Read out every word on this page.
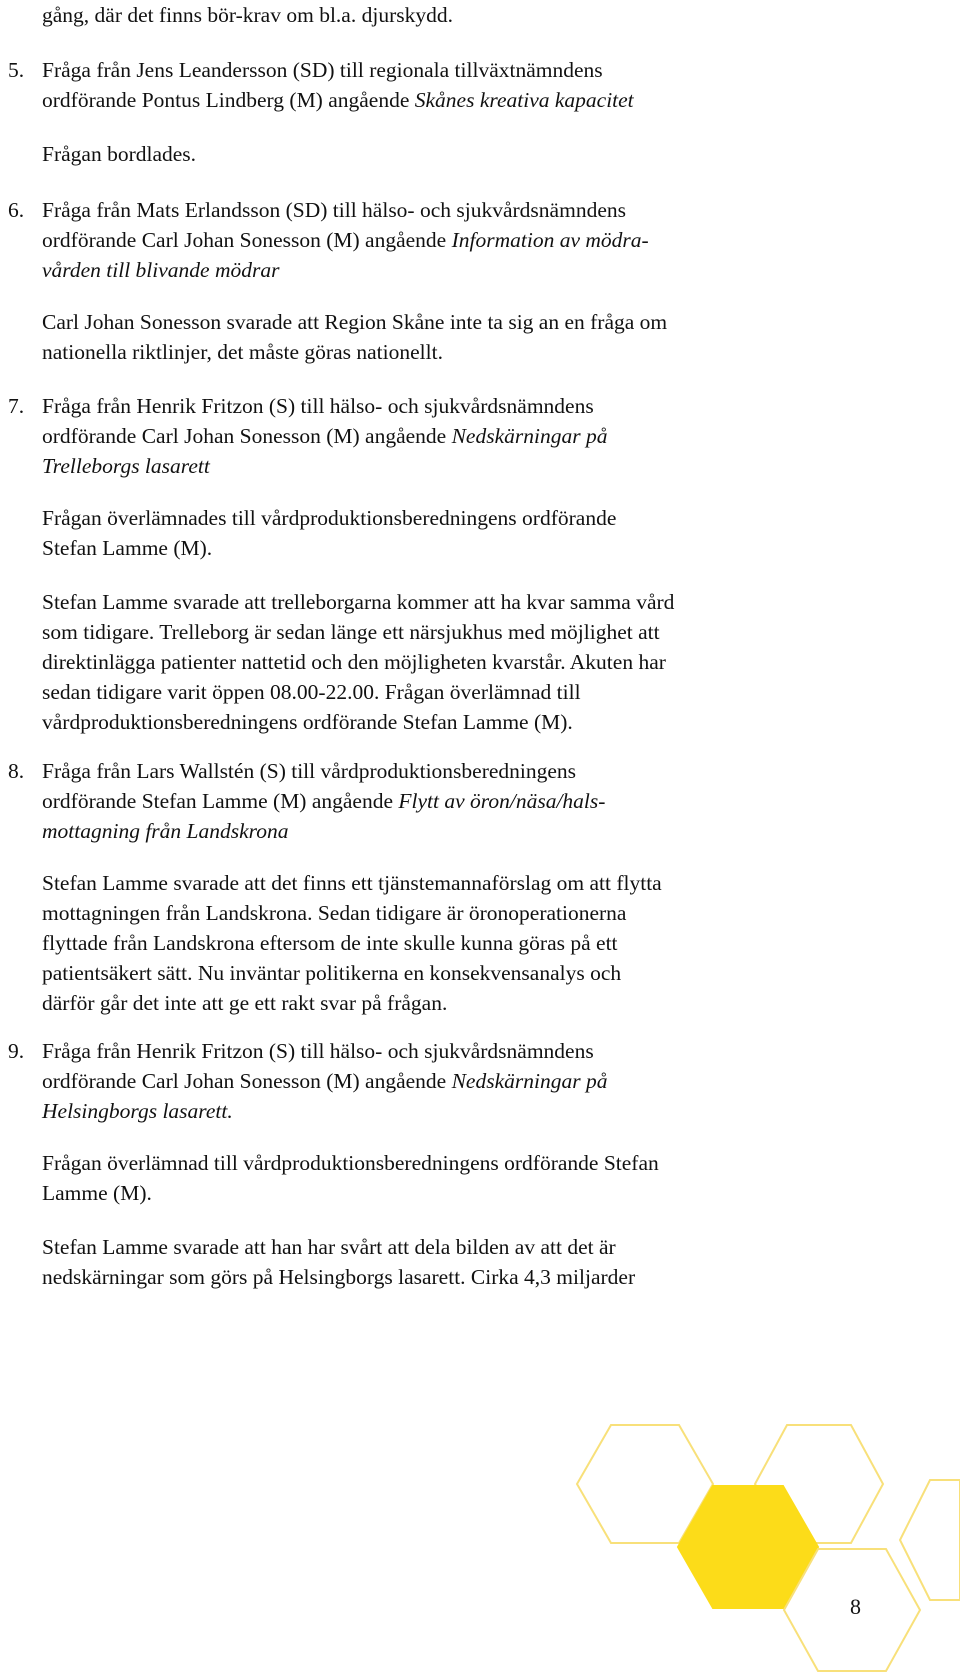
gång, där det finns bör-krav om bl.a. djurskydd.

5. Fråga från Jens Leandersson (SD) till regionala tillväxtnämndens
ordförande Pontus Lindberg (M) angående Skånes kreativa kapacitet

Frågan bordlades.

6. Fråga från Mats Erlandsson (SD) till hälso- och sjukvårdsnämndens
ordförande Carl Johan Sonesson (M) angående Information av mödra-
vården till blivande mödrar

Carl Johan Sonesson svarade att Region Skåne inte ta sig an en fråga om
nationella riktlinjer, det måste göras nationellt.

7. Fråga från Henrik Fritzon (S) till hälso- och sjukvårdsnämndens
ordförande Carl Johan Sonesson (M) angående Nedskärningar på
Trelleborgs lasarett

Frågan överlämnades till vårdproduktionsberedningens ordförande
Stefan Lamme (M).

Stefan Lamme svarade att trelleborgarna kommer att ha kvar samma vård
som tidigare. Trelleborg är sedan länge ett närsjukhus med möjlighet att
direktinlägga patienter nattetid och den möjligheten kvarstår. Akuten har
sedan tidigare varit öppen 08.00-22.00. Frågan överlämnad till
vårdproduktionsberedningens ordförande Stefan Lamme (M).

8. Fråga från Lars Wallstén (S) till vårdproduktionsberedningens
ordförande Stefan Lamme (M) angående Flytt av öron/näsa/hals-
mottagning från Landskrona

Stefan Lamme svarade att det finns ett tjänstemannaförslag om att flytta
mottagningen från Landskrona. Sedan tidigare är öronoperationerna
flyttade från Landskrona eftersom de inte skulle kunna göras på ett
patientsäkert sätt. Nu inväntar politikerna en konsekvensanalys och
därför går det inte att ge ett rakt svar på frågan.

9. Fråga från Henrik Fritzon (S) till hälso- och sjukvårdsnämndens
ordförande Carl Johan Sonesson (M) angående Nedskärningar på
Helsingborgs lasarett.

Frågan överlämnad till vårdproduktionsberedningens ordförande Stefan
Lamme (M).

Stefan Lamme svarade att han har svårt att dela bilden av att det är
nedskärningar som görs på Helsingborgs lasarett. Cirka 4,3 miljarder

8
